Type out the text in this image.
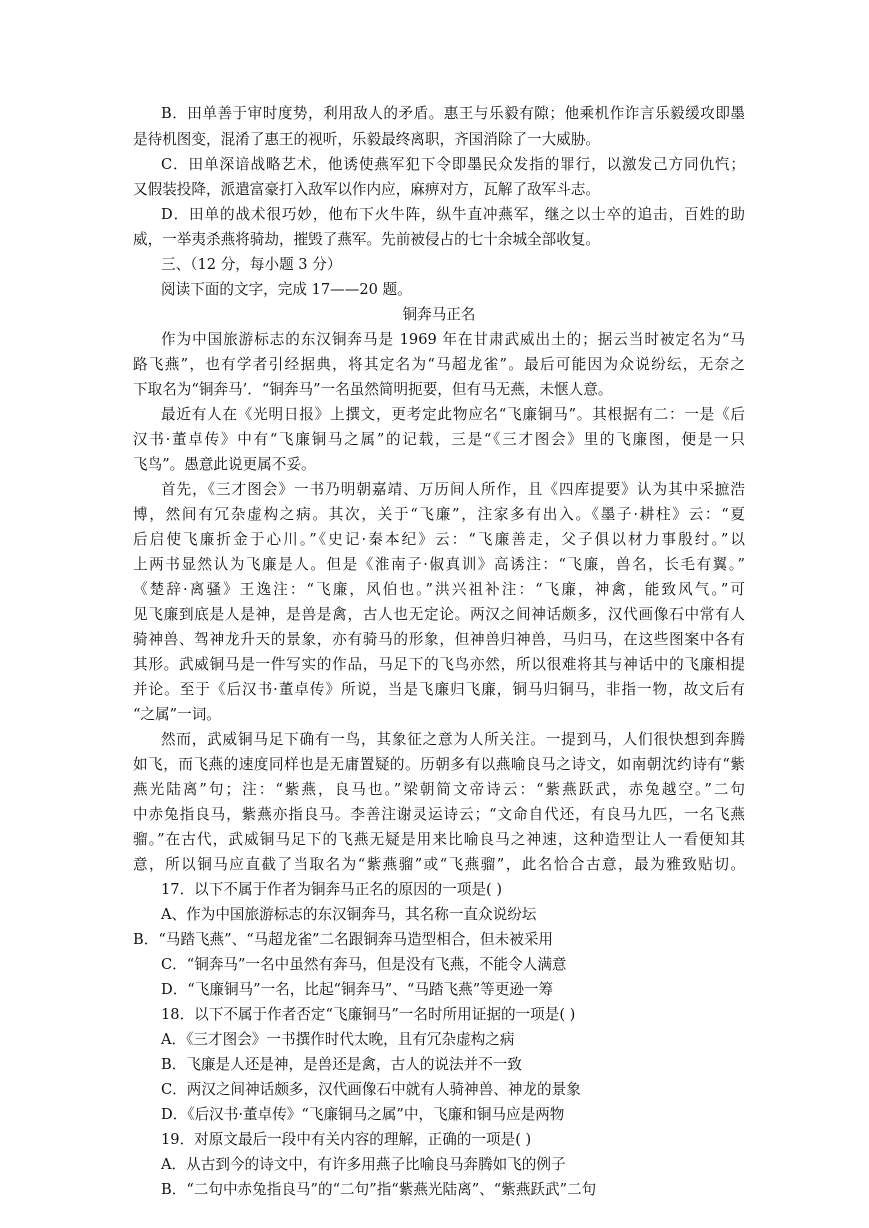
B．田单善于审时度势，利用敌人的矛盾。惠王与乐毅有隙；他乘机作诈言乐毅缓攻即墨
是待机图变，混淆了惠王的视听，乐毅最终离职，齐国消除了一大威胁。
C．田单深谙战略艺术，他诱使燕军犯下令即墨民众发指的罪行，以激发己方同仇忾；
又假装投降，派遣富豪打入敌军以作内应，麻痹对方，瓦解了敌军斗志。
D．田单的战术很巧妙，他布下火牛阵，纵牛直冲燕军，继之以士卒的追击，百姓的助
威，一举夷杀燕将骑劫，摧毁了燕军。先前被侵占的七十余城全部收复。
三、（12 分，每小题 3 分）
阅读下面的文字，完成 17——20 题。
铜奔马正名
作为中国旅游标志的东汉铜奔马是 1969 年在甘肃武威出土的；据云当时被定名为“马
路飞燕”，也有学者引经据典，将其定名为“马超龙雀”。最后可能因为众说纷纭，无奈之
下取名为“铜奔马’．“铜奔马”一名虽然简明扼要，但有马无燕，未惬人意。
最近有人在《光明日报》上撰文，更考定此物应名“飞廉铜马”。其根据有二：一是《后
汉书·董卓传》中有“飞廉铜马之属”的记载，三是“《三才图会》里的飞廉图，便是一只
飞鸟”。愚意此说更属不妥。
首先，《三才图会》一书乃明朝嘉靖、万历间人所作，且《四库提要》认为其中采摭浩
博，然间有冗杂虚构之病。其次，关于“飞廉”，注家多有出入。《墨子·耕柱》云：“夏
后启使飞廉折金于心川。”《史记·秦本纪》云：“飞廉善走，父子俱以材力事殷纣。”以
上两书显然认为飞廉是人。但是《淮南子·俶真训》高诱注：“飞廉，兽名，长毛有翼。”
《楚辞·离骚》王逸注：“飞廉，风伯也。”洪兴祖补注：“飞廉，神禽，能致风气。”可
见飞廉到底是人是神，是兽是禽，古人也无定论。两汉之间神话颇多，汉代画像石中常有人
骑神兽、驾神龙升天的景象，亦有骑马的形象，但神兽归神兽，马归马，在这些图案中各有
其形。武威铜马是一件写实的作品，马足下的飞鸟亦然，所以很难将其与神话中的飞廉相提
并论。至于《后汉书·董卓传》所说，当是飞廉归飞廉，铜马归铜马，非指一物，故文后有
“之属”一词。
然而，武威铜马足下确有一鸟，其象征之意为人所关注。一提到马，人们很快想到奔腾
如飞，而飞燕的速度同样也是无庸置疑的。历朝多有以燕喻良马之诗文，如南朝沈约诗有“紫
燕光陆离”句；注：“紫燕，良马也。”梁朝简文帝诗云：“紫燕跃武，赤兔越空。”二句
中赤兔指良马，紫燕亦指良马。李善注谢灵运诗云；“文命自代还，有良马九匹，一名飞燕
骝。”在古代，武威铜马足下的飞燕无疑是用来比喻良马之神速，这种造型让人一看便知其
意，所以铜马应直截了当取名为“紫燕骝”或“飞燕骝”，此名恰合古意，最为雅致贴切。
17．以下不属于作者为铜奔马正名的原因的一项是( )
A、作为中国旅游标志的东汉铜奔马，其名称一直众说纷坛
B．“马踏飞燕”、“马超龙雀”二名跟铜奔马造型相合，但未被采用
C．“铜奔马”一名中虽然有奔马，但是没有飞燕，不能令人满意
D．“飞廉铜马”一名，比起“铜奔马”、“马踏飞燕”等更逊一筹
18．以下不属于作者否定“飞廉铜马”一名时所用证据的一项是( )
A．《三才图会》一书撰作时代太晚，且有冗杂虚构之病
B．飞廉是人还是神，是兽还是禽，古人的说法并不一致
C．两汉之间神话颇多，汉代画像石中就有人骑神兽、神龙的景象
D．《后汉书·董卓传》“飞廉铜马之属”中，飞廉和铜马应是两物
19．对原文最后一段中有关内容的理解，正确的一项是( )
A．从古到今的诗文中，有许多用燕子比喻良马奔腾如飞的例子
B．“二句中赤兔指良马”的“二句”指“紫燕光陆离”、“紫燕跃武”二句
